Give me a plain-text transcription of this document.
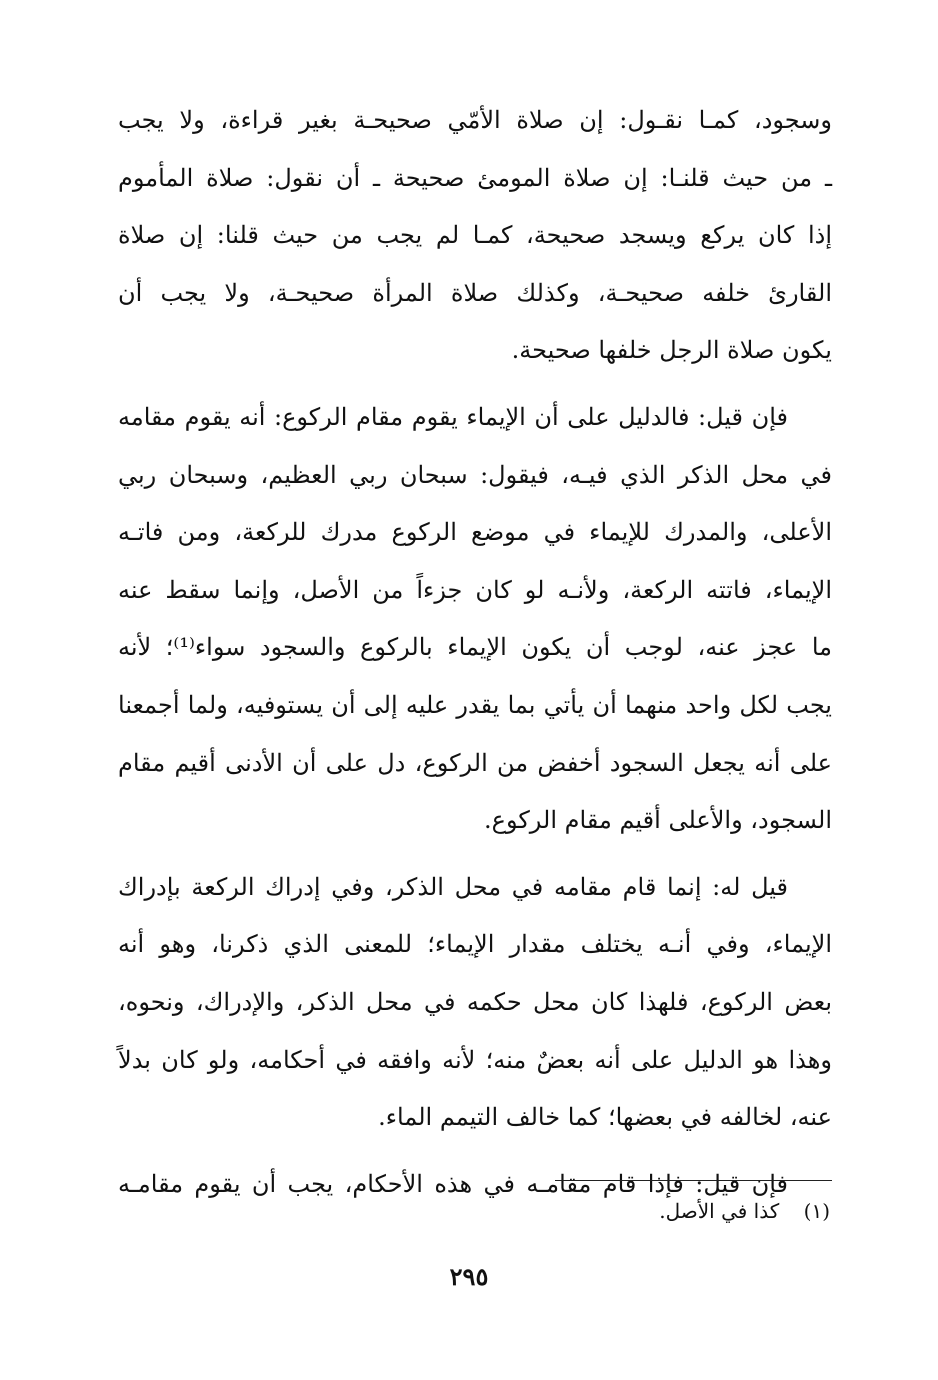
وسجود، كمـا نقـول: إن صلاة الأمّي صحيحـة بغير قراءة، ولا يجب
ـ من حيث قلنـا: إن صلاة المومئ صحيحة ـ أن نقول: صلاة المأموم
إذا كان يركع ويسجد صحيحة، كمـا لم يجب من حيث قلنا: إن صلاة
القارئ خلفه صحيحـة، وكذلك صلاة المرأة صحيحـة، ولا يجب أن
يكون صلاة الرجل خلفها صحيحة.

فإن قيل: فالدليل على أن الإيماء يقوم مقام الركوع: أنه يقوم مقامه
في محل الذكر الذي فيـه، فيقول: سبحان ربي العظيم، وسبحان ربي
الأعلى، والمدرك للإيماء في موضع الركوع مدرك للركعة، ومن فاتـه
الإيماء، فاتته الركعة، ولأنـه لو كان جزءاً من الأصل، وإنما سقط عنه
ما عجز عنه، لوجب أن يكون الإيماء بالركوع والسجود سواء⁽¹⁾؛ لأنه
يجب لكل واحد منهما أن يأتي بما يقدر عليه إلى أن يستوفيه، ولما أجمعنا
على أنه يجعل السجود أخفض من الركوع، دل على أن الأدنى أقيم مقام
السجود، والأعلى أقيم مقام الركوع.

قيل له: إنما قام مقامه في محل الذكر، وفي إدراك الركعة بإدراك
الإيماء، وفي أنـه يختلف مقدار الإيماء؛ للمعنى الذي ذكرنا، وهو أنه
بعض الركوع، فلهذا كان محل حكمه في محل الذكر، والإدراك، ونحوه،
وهذا هو الدليل على أنه بعضٌ منه؛ لأنه وافقه في أحكامه، ولو كان بدلاً
عنه، لخالفه في بعضها؛ كما خالف التيمم الماء.

فإن قيل: فإذا قام مقامـه في هذه الأحكام، يجب أن يقوم مقامـه

(١) كذا في الأصل.
٢٩٥
